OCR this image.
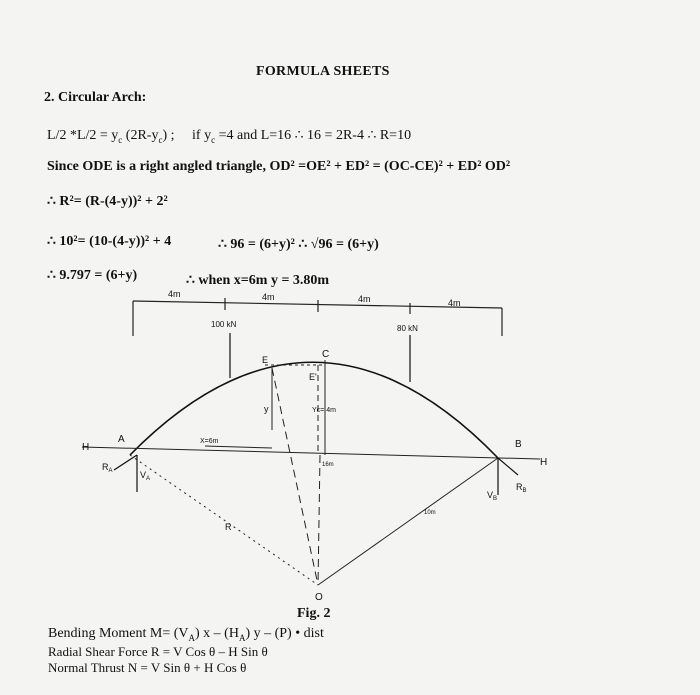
FORMULA SHEETS
2. Circular Arch:
L/2 $*L/2 = y_c$ $(2R-y_c)$ ; if $y_c =4$ and L=16 ∴ 16 = 2R-4 ∴ R=10
Since ODE is a right angled triangle, OD² =OE² + ED² = (OC-CE)² + ED² OD²
∴ R²= (R-(4-y))² + 2²
∴ 10²= (10-(4-y))² + 4	∴ 96 = (6+y)² ∴ √96 = (6+y)
∴ 9.797 = (6+y)	∴ when x=6m y = 3.80m
4m	4m	4m	4m
100 kN	80 kN
A	B
C
E
E'
O
R
H
H
$R_A$	$V_A$
$V_B$
$R_B$
y	Yc= 4m
X=6m
16m
10m
Fig. 2
Bending Moment $M= (V_A)$ x – $(H_A)$ y – (P) • dist
Radial Shear Force R = V Cos θ – H Sin θ
Normal Thrust N = V Sin θ + H Cos θ
